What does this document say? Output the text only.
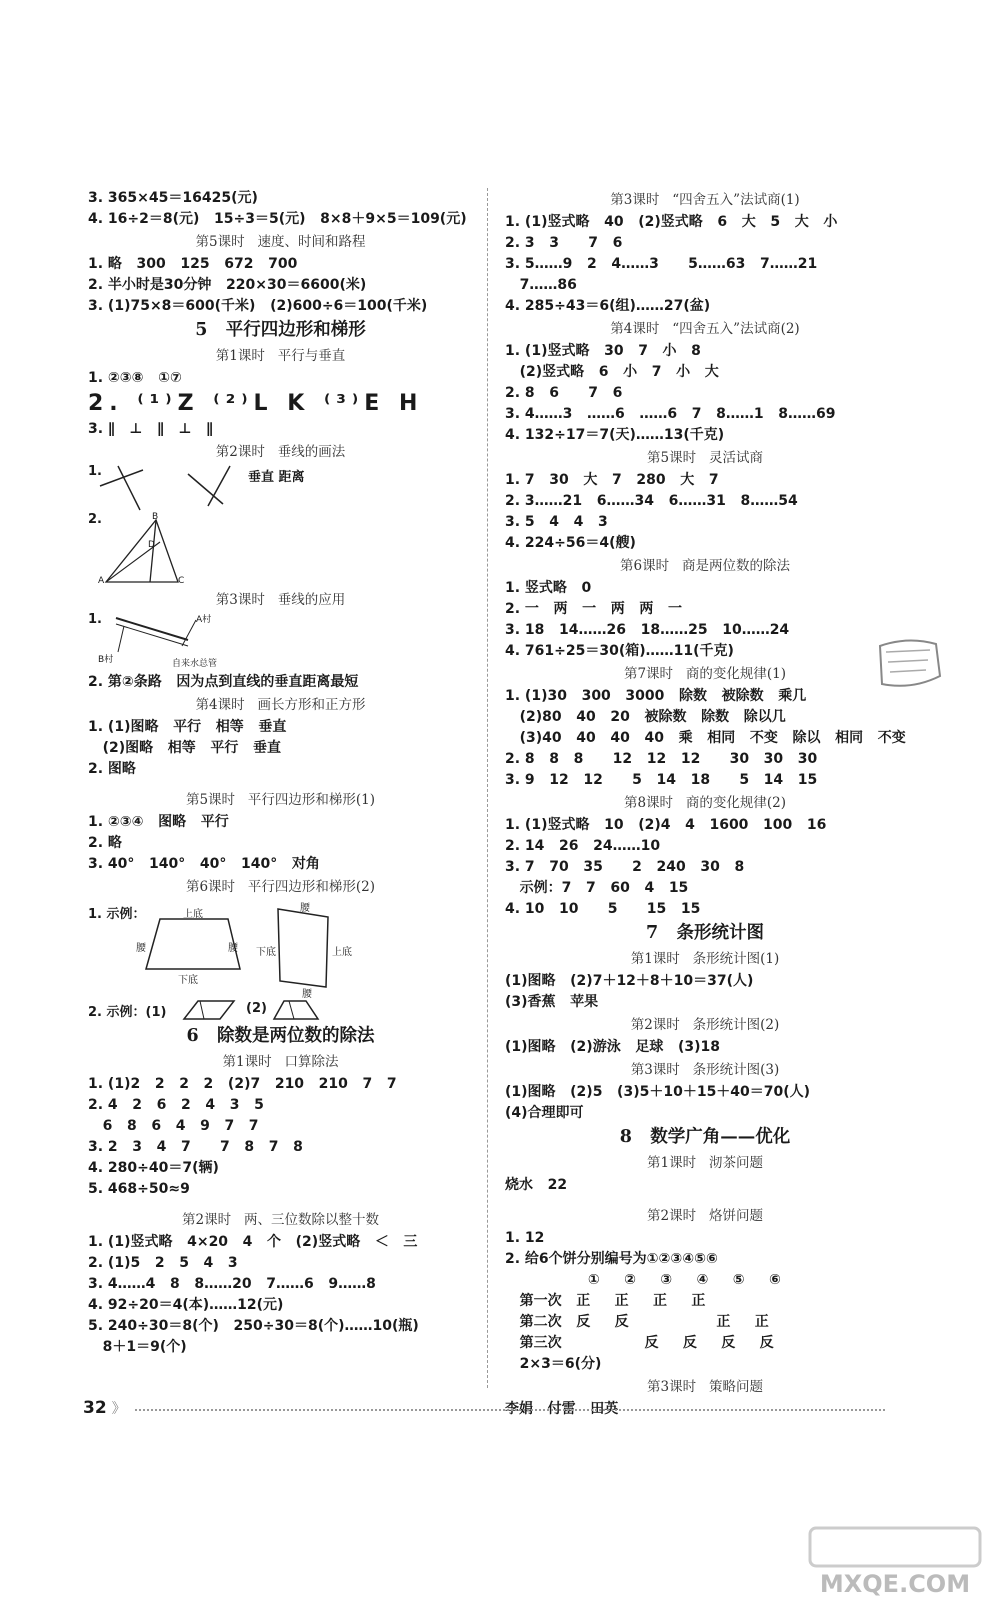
3. 365×45＝16425(元)
4. 16÷2＝8(元)   15÷3＝5(元)   8×8＋9×5＝109(元)
第5课时   速度、时间和路程
1. 略   300   125   672   700
2. 半小时是30分钟   220×30＝6600(米)
3. (1)75×8＝600(千米)   (2)600÷6＝100(千米)
5   平行四边形和梯形
第1课时   平行与垂直
1. ②③⑧   ①⑦
2. ⁽¹⁾Z ⁽²⁾L K ⁽³⁾E H
3. ∥   ⊥   ∥   ⊥   ∥
第2课时   垂线的画法
1.	垂直 距离
2.
A
B
C
D
第3课时   垂线的应用
1.	A村
B村	自来水总管
2. 第②条路   因为点到直线的垂直距离最短
第4课时   画长方形和正方形
1. (1)图略   平行   相等   垂直
(2)图略   相等   平行   垂直
2. 图略
第5课时   平行四边形和梯形(1)
1. ②③④   图略   平行
2. 略
3. 40°   140°   40°   140°   对角
第6课时   平行四边形和梯形(2)
1. 示例：	上底
腰	腰
下底
下底	上底
腰
腰
2. 示例：(1)	(2)
6   除数是两位数的除法
第1课时   口算除法
1. (1)2   2   2   2   (2)7   210   210   7   7
2. 4   2   6   2   4   3   5
6   8   6   4   9   7   7
3. 2   3   4   7      7   8   7   8
4. 280÷40＝7(辆)
5. 468÷50≈9
第2课时   两、三位数除以整十数
1. (1)竖式略   4×20   4   个   (2)竖式略   ＜   三
2. (1)5   2   5   4   3
3. 4……4   8   8……20   7……6   9……8
4. 92÷20＝4(本)……12(元)
5. 240÷30＝8(个)   250÷30＝8(个)……10(瓶)
8＋1＝9(个)
第3课时   “四舍五入”法试商(1)
1. (1)竖式略   40   (2)竖式略   6   大   5   大   小
2. 3   3      7   6
3. 5……9   2   4……3      5……63   7……21
7……86
4. 285÷43＝6(组)……27(盆)
第4课时   “四舍五入”法试商(2)
1. (1)竖式略   30   7   小   8
(2)竖式略   6   小   7   小   大
2. 8   6      7   6
3. 4……3   ……6   ……6   7   8……1   8……69
4. 132÷17＝7(天)……13(千克)
第5课时   灵活试商
1. 7   30   大   7   280   大   7
2. 3……21   6……34   6……31   8……54
3. 5   4   4   3
4. 224÷56＝4(艘)
第6课时   商是两位数的除法
1. 竖式略   0
2. 一   两   一   两   两   一
3. 18   14……26   18……25   10……24
4. 761÷25＝30(箱)……11(千克)
第7课时   商的变化规律(1)
1. (1)30   300   3000   除数   被除数   乘几
(2)80   40   20   被除数   除数   除以几
(3)40   40   40   40   乘   相同   不变   除以   相同   不变
2. 8   8   8      12   12   12      30   30   30
3. 9   12   12      5   14   18      5   14   15
第8课时   商的变化规律(2)
1. (1)竖式略   10   (2)4   4   1600   100   16
2. 14   26   24……10
3. 7   70   35      2   240   30   8
示例：7   7   60   4   15
4. 10   10      5      15   15
7   条形统计图
第1课时   条形统计图(1)
(1)图略   (2)7＋12＋8＋10＝37(人)
(3)香蕉   苹果
第2课时   条形统计图(2)
(1)图略   (2)游泳   足球   (3)18
第3课时   条形统计图(3)
(1)图略   (2)5   (3)5＋10＋15＋40＝70(人)
(4)合理即可
8   数学广角——优化
第1课时   沏茶问题
烧水   22
第2课时   烙饼问题
1. 12
2. 给6个饼分别编号为①②③④⑤⑥
①     ②     ③     ④     ⑤     ⑥
第一次   正     正     正     正
第二次   反     反                  正     正
第三次                 反     反     反     反
2×3＝6(分)
第3课时   策略问题
李娟   付雷   田英
32 》
MXQE.COM
